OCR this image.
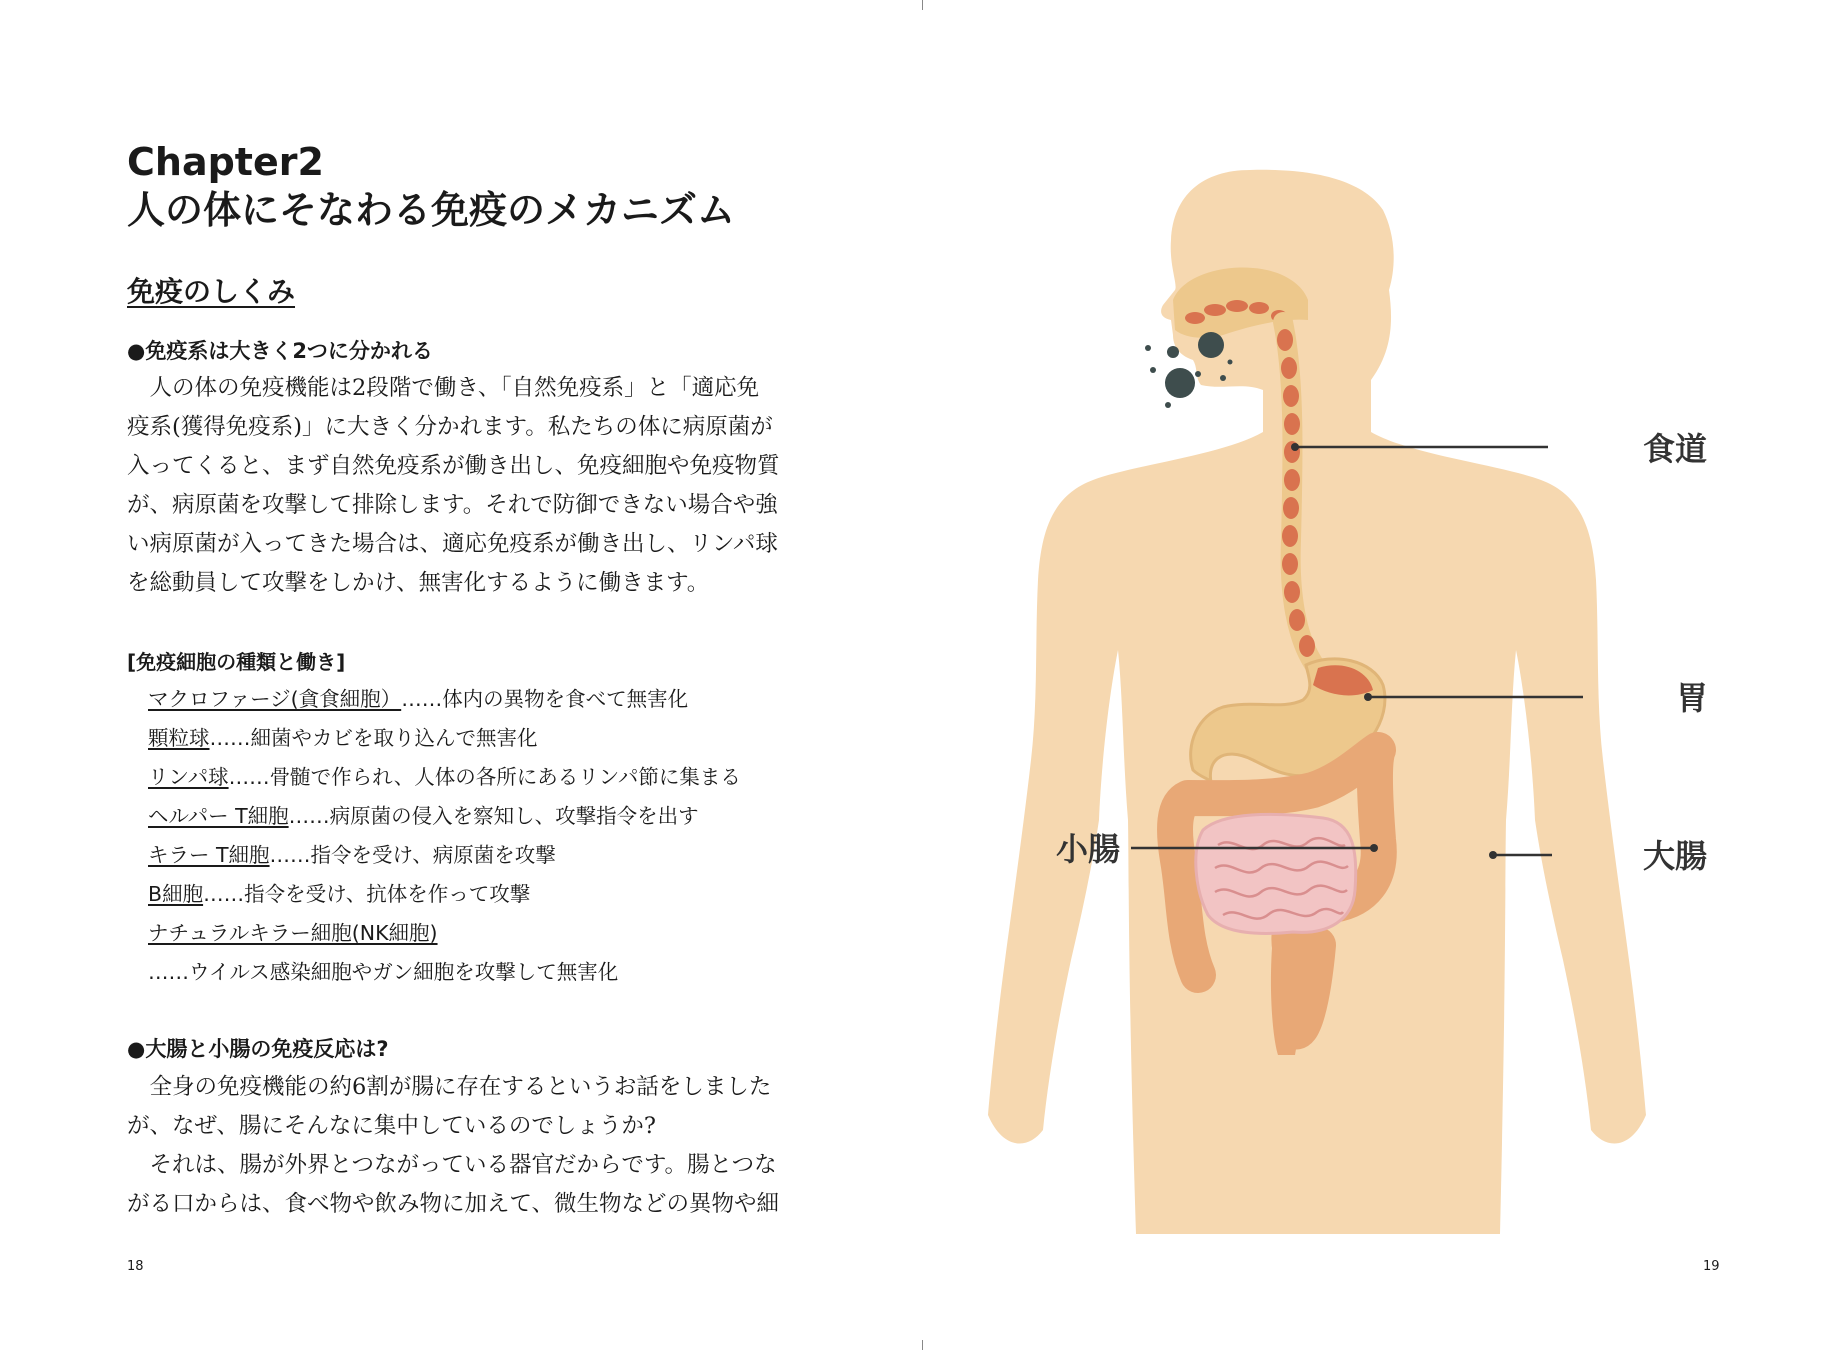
Chapter2
人の体にそなわる免疫のメカニズム
免疫のしくみ
●免疫系は大きく2つに分かれる

　人の体の免疫機能は2段階で働き、「自然免疫系」と「適応免

疫系(獲得免疫系)」に大きく分かれます。私たちの体に病原菌が

入ってくると、まず自然免疫系が働き出し、免疫細胞や免疫物質

が、病原菌を攻撃して排除します。それで防御できない場合や強

い病原菌が入ってきた場合は、適応免疫系が働き出し、リンパ球

を総動員して攻撃をしかけ、無害化するように働きます。

[免疫細胞の種類と働き]
マクロファージ(貪食細胞）……体内の異物を食べて無害化
顆粒球……細菌やカビを取り込んで無害化
リンパ球……骨髄で作られ、人体の各所にあるリンパ節に集まる
ヘルパー T細胞……病原菌の侵入を察知し、攻撃指令を出す
キラー T細胞……指令を受け、病原菌を攻撃
B細胞……指令を受け、抗体を作って攻撃
ナチュラルキラー細胞(NK細胞)
……ウイルス感染細胞やガン細胞を攻撃して無害化
●大腸と小腸の免疫反応は?

　全身の免疫機能の約6割が腸に存在するというお話をしました

が、なぜ、腸にそんなに集中しているのでしょうか?

　それは、腸が外界とつながっている器官だからです。腸とつな

がる口からは、食べ物や飲み物に加えて、微生物などの異物や細

18
食道
胃
小腸	大腸
19
